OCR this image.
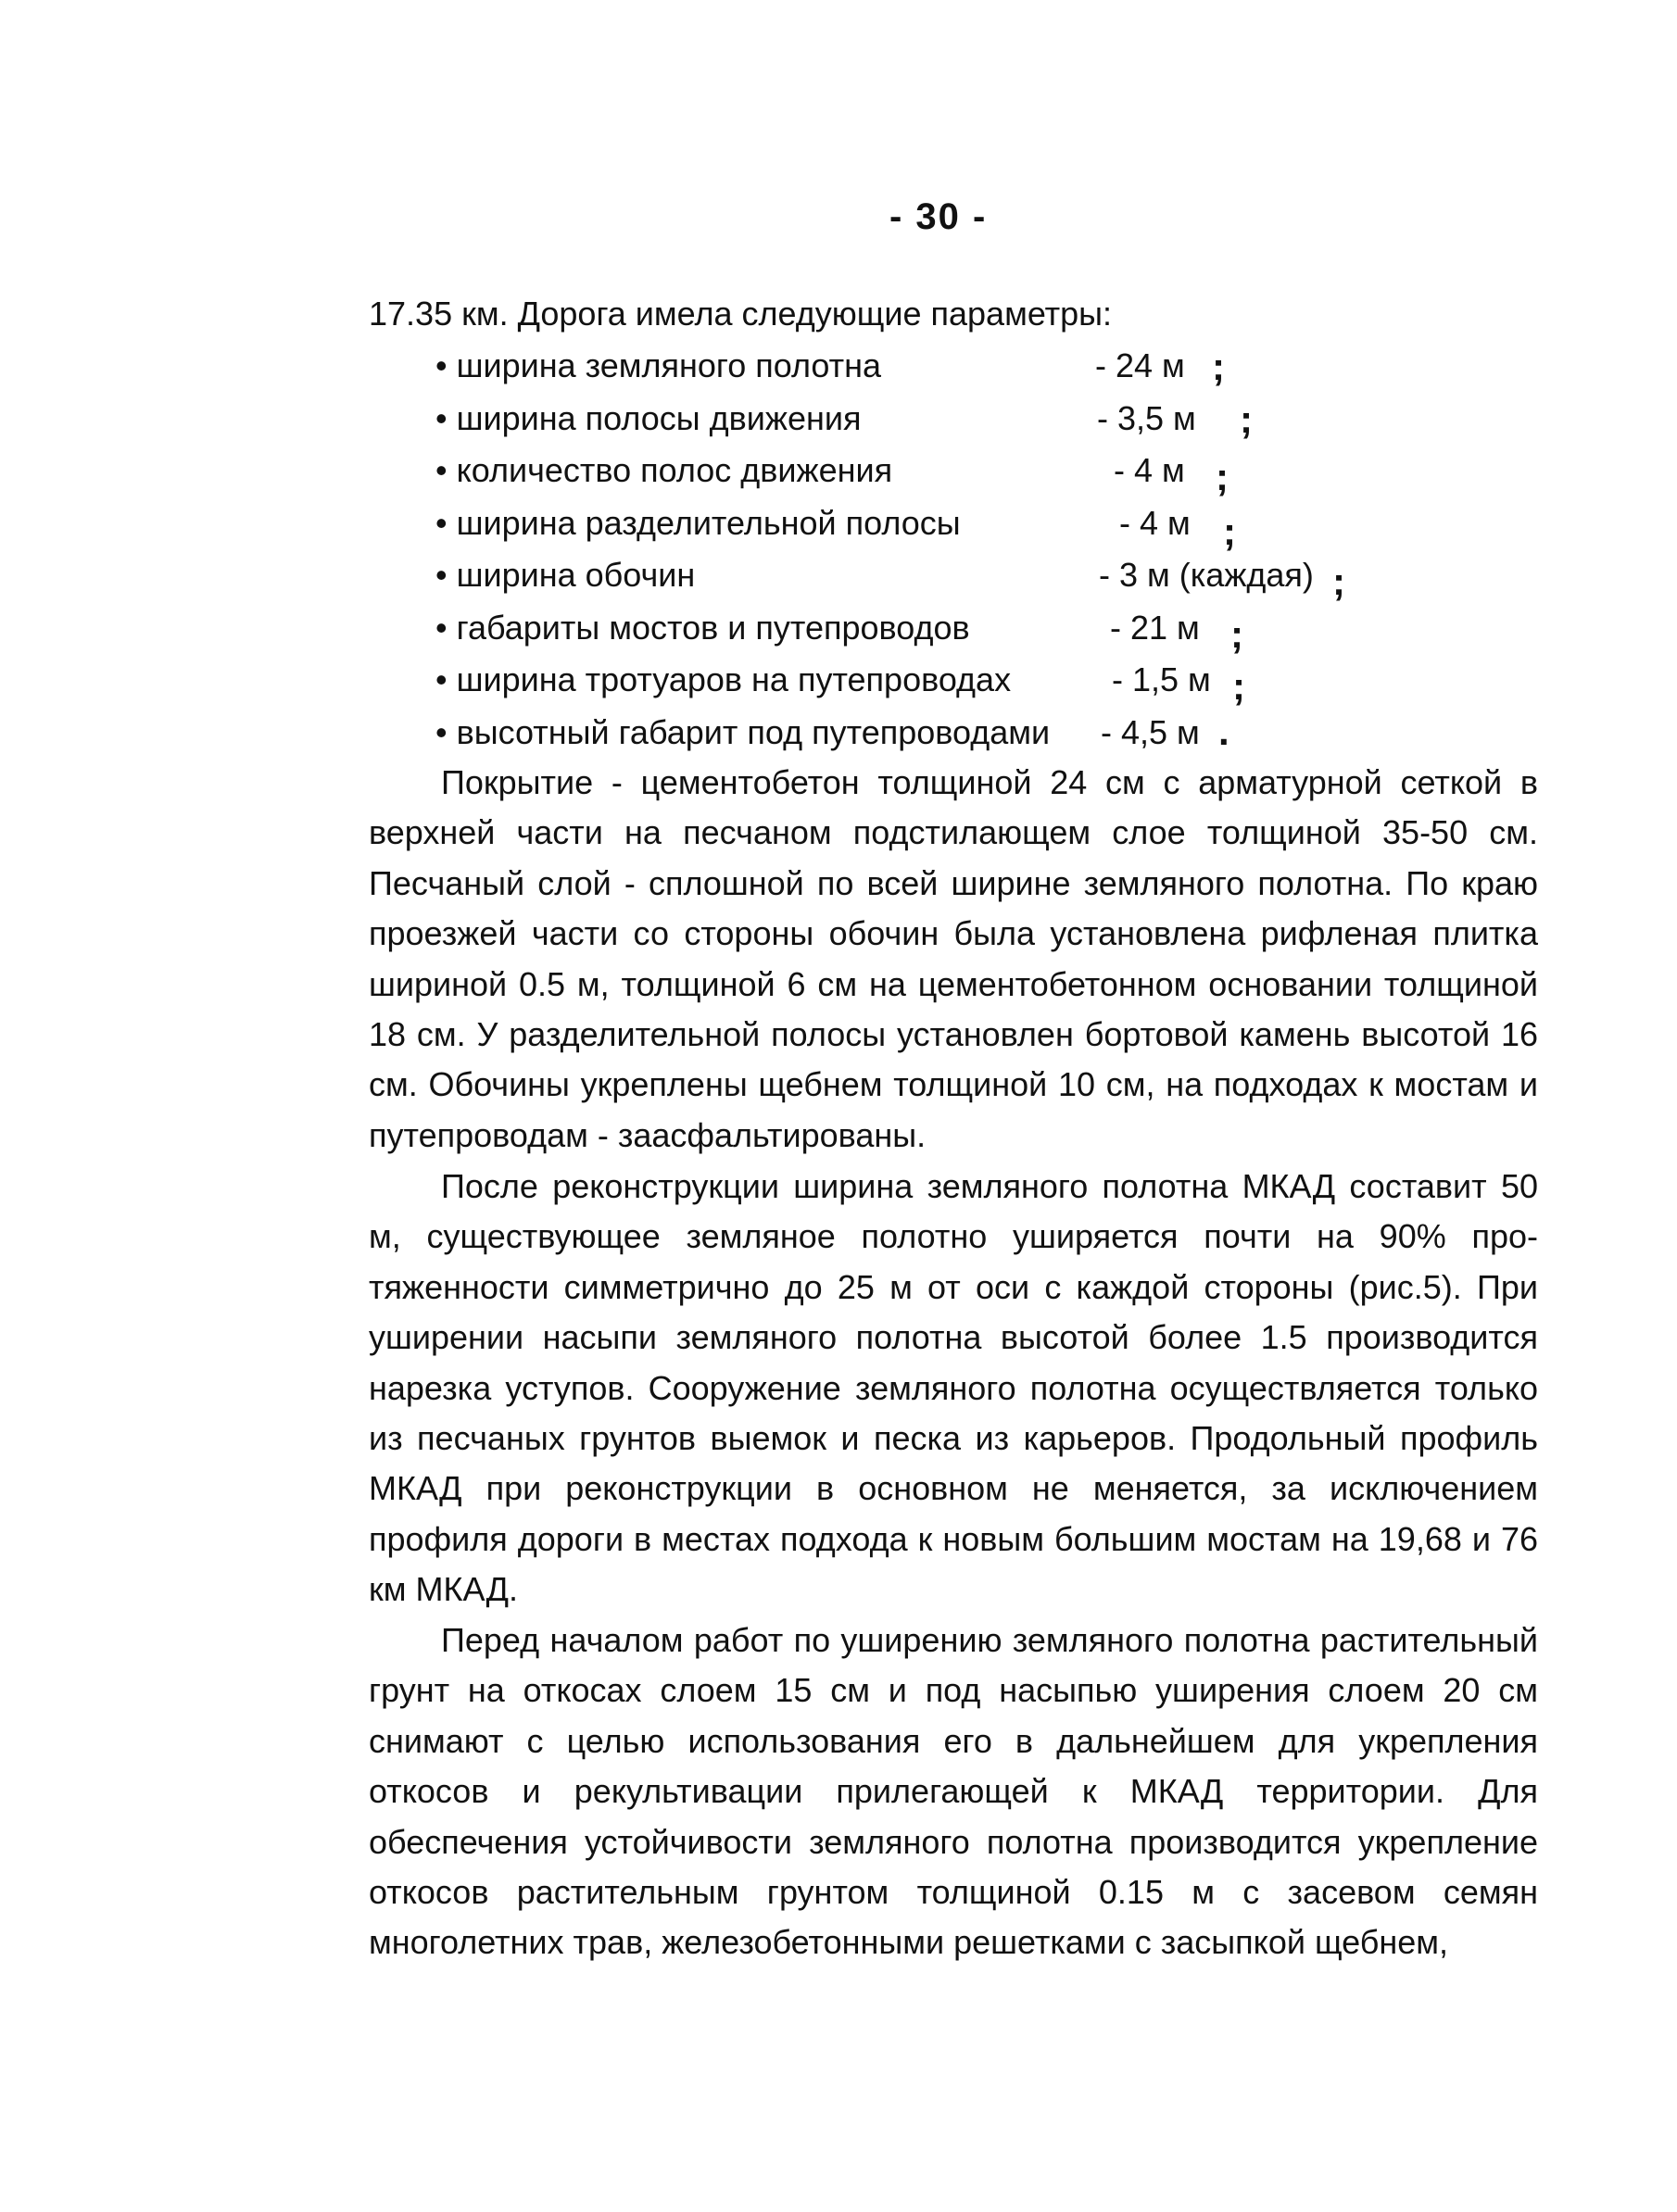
- 30 -
17.35 км. Дорога имела следующие параметры:
• ширина земляного полотна	- 24 м ;
• ширина полосы движения	- 3,5 м ;
• количество полос движения	- 4 м ;
• ширина разделительной полосы	- 4 м ;
• ширина обочин	- 3 м (каждая) ;
• габариты мостов и путепроводов	- 21 м ;
• ширина тротуаров на путепроводах	- 1,5 м ;
• высотный габарит под путепроводами - 4,5 м .

Покрытие - цементобетон толщиной 24 см с арматурной сеткой в верхней части на песчаном подстилающем слое толщиной 35-50 см. Песчаный слой - сплошной по всей ширине земляного полотна. По краю проезжей части со стороны обочин была установлена рифленая плитка шириной 0.5 м, толщиной 6 см на цементобетонном основании толщиной 18 см. У разделительной полосы установлен бортовой камень высотой 16 см. Обочины укреплены щебнем толщиной 10 см, на подходах к мостам и путепроводам - заасфальтированы.

После реконструкции ширина земляного полотна МКАД составит 50 м, существующее земляное полотно уширяется почти на 90% протяженности симметрично до 25 м от оси с каждой стороны (рис.5). При уширении насыпи земляного полотна высотой более 1.5 производится нарезка уступов. Сооружение земляного полотна осуществляется только из песчаных грунтов выемок и песка из карьеров. Продольный профиль МКАД при реконструкции в основном не меняется, за исключением профиля дороги в местах подхода к новым большим мостам на 19,68 и 76 км МКАД.

Перед началом работ по уширению земляного полотна растительный грунт на откосах слоем 15 см и под насыпью уширения слоем 20 см снимают с целью использования его в дальнейшем для укрепления откосов и рекультивации прилегающей к МКАД территории. Для обеспечения устойчивости земляного полотна производится укрепление откосов растительным грунтом толщиной 0.15 м с засевом семян многолетних трав, железобетонными решетками с засыпкой щебнем,
